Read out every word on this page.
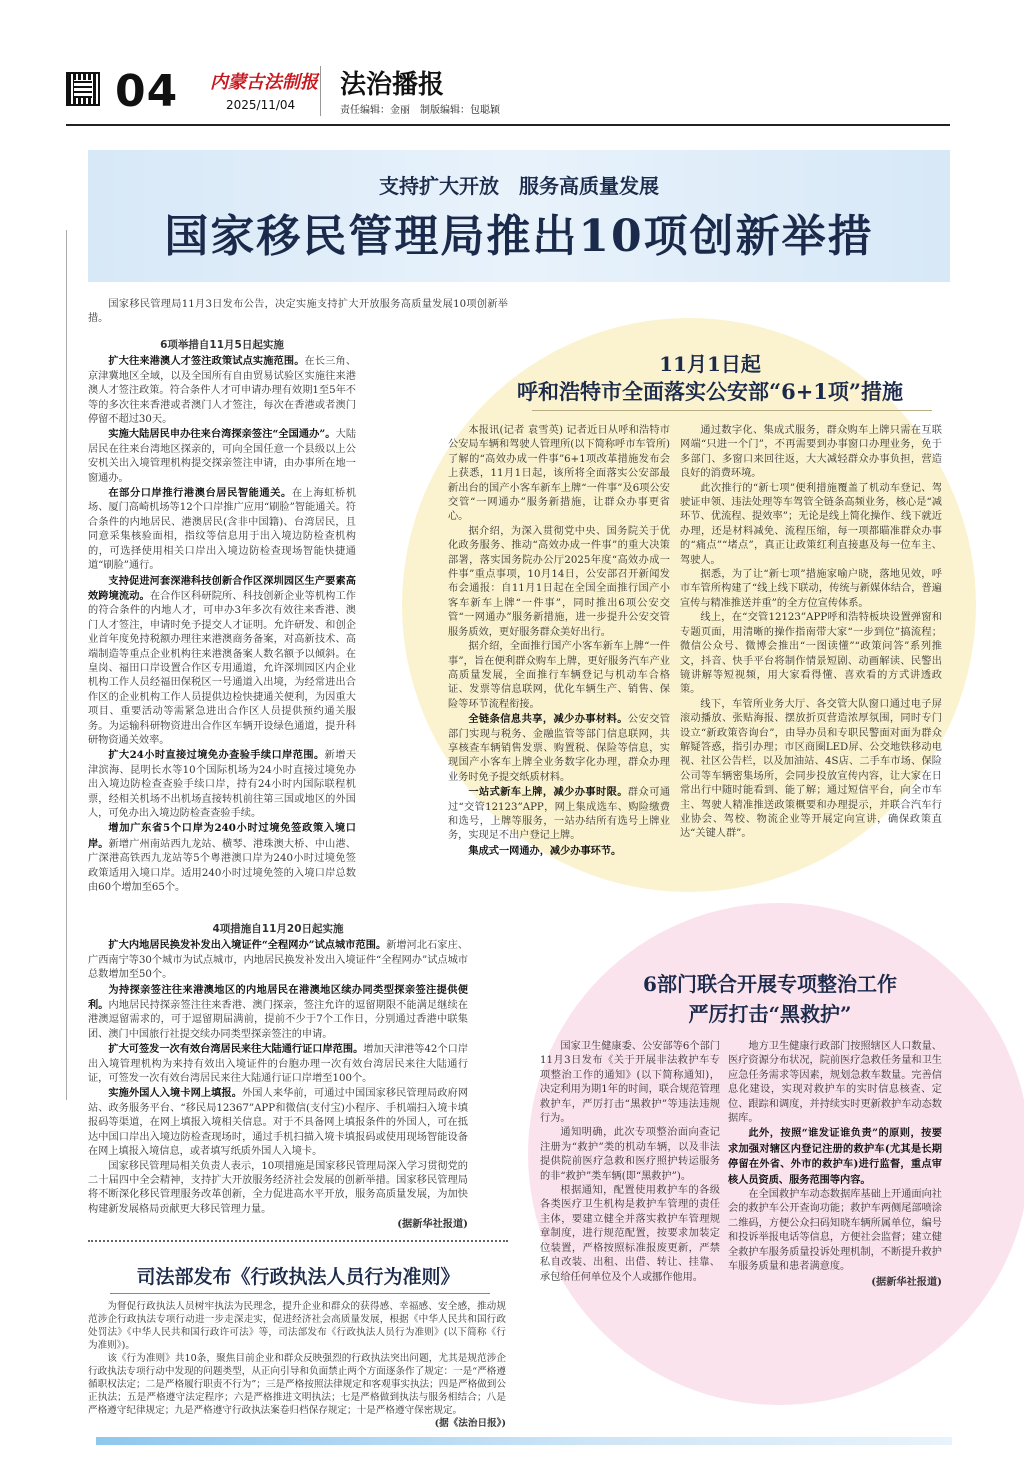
04 内蒙古法制报
2025/11/04
法治播报
责任编辑：金丽　制版编辑：包聪颖
支持扩大开放　服务高质量发展
国家移民管理局推出10项创新举措

国家移民管理局11月3日发布公告，决定实施支持扩大开放服务高质量发展10项创新举措。

6项举措自11月5日起实施

扩大往来港澳人才签注政策试点实施范围。在长三角、京津冀地区全域，以及全国所有自由贸易试验区实施往来港澳人才签注政策。符合条件人才可申请办理有效期1至5年不等的多次往来香港或者澳门人才签注，每次在香港或者澳门停留不超过30天。

实施大陆居民申办往来台湾探亲签注“全国通办”。大陆居民在往来台湾地区探亲的，可向全国任意一个县级以上公安机关出入境管理机构提交探亲签注申请，由办事所在地一窗通办。

在部分口岸推行港澳台居民智能通关。在上海虹桥机场、厦门高崎机场等12个口岸推广应用“刷脸”智能通关。符合条件的内地居民、港澳居民(含非中国籍)、台湾居民，且同意采集核验面相，指纹等信息用于出入境边防检查机构的，可选择使用相关口岸出入境边防检查现场智能快捷通道“刷脸”通行。

支持促进河套深港科技创新合作区深圳园区生产要素高效跨境流动。在合作区科研院所、科技创新企业等机构工作的符合条件的内地人才，可申办3年多次有效往来香港、澳门人才签注，申请时免予提交人才证明。允许研发、和创企业首年度免持税额办理往来港澳商务备案，对高新技术、高端制造等重点企业机构往来港澳备案人数名额予以倾斜。在皇岗、福田口岸设置合作区专用通道，允许深圳园区内企业机构工作人员经福田保税区一号通道入出境，为经常进出合作区的企业机构工作人员提供边检快捷通关便利，为因重大项目、重要活动等需紧急进出合作区人员提供预约通关服务。为运输科研物资进出合作区车辆开设绿色通道，提升科研物资通关效率。

扩大24小时直接过境免办查验手续口岸范围。新增天津滨海、昆明长水等10个国际机场为24小时直接过境免办出入境边防检查查验手续口岸，持有24小时内国际联程机票，经相关机场不出机场直接转机前往第三国或地区的外国人，可免办出入境边防检查查验手续。

增加广东省5个口岸为240小时过境免签政策入境口岸。新增广州南站西九龙站、横琴、港珠澳大桥、中山港、广深港高铁西九龙站等5个粤港澳口岸为240小时过境免签政策适用入境口岸。适用240小时过境免签的入境口岸总数由60个增加至65个。

4项措施自11月20日起实施

扩大内地居民换发补发出入境证件“全程网办”试点城市范围。新增河北石家庄、广西南宁等30个城市为试点城市，内地居民换发补发出入境证件“全程网办”试点城市总数增加至50个。

为持探亲签注往来港澳地区的内地居民在港澳地区续办同类型探亲签注提供便利。内地居民持探亲签注往来香港、澳门探亲，签注允许的逗留期限不能满足继续在港澳逗留需求的，可于逗留期届满前，提前不少于7个工作日，分别通过香港中联集团、澳门中国旅行社提交续办同类型探亲签注的申请。

扩大可签发一次有效台湾居民来往大陆通行证口岸范围。增加天津港等42个口岸出入境管理机构为来持有效出入境证件的台胞办理一次有效台湾居民来往大陆通行证，可签发一次有效台湾居民来往大陆通行证口岸增至100个。

实施外国人入境卡网上填报。外国人来华前，可通过中国国家移民管理局政府网站、政务服务平台、“移民局12367”APP和微信(支付宝)小程序、手机端扫入境卡填报码等渠道，在网上填报入境相关信息。对于不具备网上填报条件的外国人，可在抵达中国口岸出入境边防检查现场时，通过手机扫描入境卡填报码或使用现场智能设备在网上填报入境信息，或者填写纸质外国人入境卡。

国家移民管理局相关负责人表示，10项措施是国家移民管理局深入学习贯彻党的二十届四中全会精神，支持扩大开放服务经济社会发展的创新举措。国家移民管理局将不断深化移民管理服务改革创新，全力促进高水平开放，服务高质量发展，为加快构建新发展格局贡献更大移民管理力量。

(据新华社报道)
11月1日起
呼和浩特市全面落实公安部“6+1项”措施

本报讯(记者 袁雪英) 记者近日从呼和浩特市公安局车辆和驾驶人管理所(以下简称呼市车管所)了解的“高效办成一件事”6+1项改革措施发布会上获悉，11月1日起，该所将全面落实公安部最新出台的国产小客车新车上牌“一件事”及6项公安交管“一网通办”服务新措施，让群众办事更省心。

据介绍，为深入贯彻党中央、国务院关于优化政务服务、推动“高效办成一件事”的重大决策部署，落实国务院办公厅2025年度“高效办成一件事”重点事项，10月14日，公安部召开新闻发布会通报：自11月1日起在全国全面推行国产小客车新车上牌“一件事”，同时推出6项公安交管“一网通办”服务新措施，进一步提升公安交管服务质效，更好服务群众美好出行。

据介绍，全面推行国产小客车新车上牌“一件事”，旨在便利群众购车上牌，更好服务汽车产业高质量发展，全面推行车辆登记与机动车合格证、发票等信息联网，优化车辆生产、销售、保险等环节流程衔接。

全链条信息共享，减少办事材料。公安交管部门实现与税务、金融监管等部门信息联网，共享核查车辆销售发票、购置税、保险等信息，实现国产小客车上牌全业务数字化办理，群众办理业务时免予提交纸质材料。

一站式新车上牌，减少办事时限。群众可通过“交管12123”APP，网上集成选车、购险缴费和选号，上牌等服务，一站办结所有选号上牌业务，实现足不出户登记上牌。

集成式一网通办，减少办事环节。

通过数字化、集成式服务，群众购车上牌只需在互联网端“只进一个门”，不再需要到办事窗口办理业务，免于多部门、多窗口来回往返，大大减轻群众办事负担，营造良好的消费环境。

此次推行的“新七项”便利措施覆盖了机动车登记、驾驶证申领、违法处理等车驾管全链条高频业务，核心是“减环节、优流程、提效率”；无论是线上简化操作、线下就近办理，还是材料减免、流程压缩，每一项都瞄准群众办事的“痛点”“堵点”，真正让政策红利直接惠及每一位车主、驾驶人。

据悉，为了让“新七项”措施家喻户晓，落地见效，呼市车管所构建了“线上线下联动，传统与新媒体结合，普遍宣传与精准推送并重”的全方位宣传体系。

线上，在“交管12123”APP呼和浩特板块设置弹窗和专题页面，用清晰的操作指南带大家“一步到位”搞流程；微信公众号、微博会推出“一图读懂”“政策问答”系列推文，抖音、快手平台将制作情景短剧、动画解读、民警出镜讲解等短视频，用大家看得懂、喜欢看的方式讲透政策。

线下，车管所业务大厅、各交管大队窗口通过电子屏滚动播放、张贴海报、摆放折页营造浓厚氛围，同时专门设立“新政策咨询台”，由导办员和专职民警面对面为群众解疑答惑，指引办理；市区商圈LED屏、公交地铁移动电视、社区公告栏，以及加油站、4S店、二手车市场、保险公司等车辆密集场所，会同步投放宣传内容，让大家在日常出行中随时能看到、能了解；通过短信平台，向全市车主、驾驶人精准推送政策概要和办理提示，并联合汽车行业协会、驾校、物流企业等开展定向宣讲，确保政策直达“关键人群”。

6部门联合开展专项整治工作
严厉打击“黑救护”

国家卫生健康委、公安部等6个部门11月3日发布《关于开展非法救护车专项整治工作的通知》(以下简称通知)，决定利用为期1年的时间，联合规范管理救护车，严厉打击“黑救护”等违法违规行为。

通知明确，此次专项整治面向查记注册为“救护”类的机动车辆，以及非法提供院前医疗急救和医疗照护转运服务的非“救护”类车辆(即“黑救护”)。

根据通知，配置使用救护车的各级各类医疗卫生机构是救护车管理的责任主体，要建立健全并落实救护车管理规章制度，进行规范配置，按要求加装定位装置，严格按照标准报废更新，严禁私自改装、出租、出借、转让、挂靠、承包给任何单位及个人或挪作他用。

地方卫生健康行政部门按照辖区人口数量、医疗资源分布状况，院前医疗急救任务量和卫生应急任务需求等因素，规划急救车数量。完善信息化建设，实现对救护车的实时信息核查、定位、跟踪和调度，并持续实时更新救护车动态数据库。

此外，按照“谁发证谁负责”的原则，按要求加强对辖区内登记注册的救护车(尤其是长期停留在外省、外市的救护车)进行监督，重点审核人员资质、服务范围等内容。

在全国救护车动态数据库基础上开通面向社会的救护车公开查询功能；救护车两侧尾部喷涂二维码，方便公众扫码知晓车辆所属单位，编号和投诉举报电话等信息，方便社会监督；建立健全救护车服务质量投诉处理机制，不断提升救护车服务质量和患者满意度。

(据新华社报道)
司法部发布《行政执法人员行为准则》

为督促行政执法人员树牢执法为民理念，提升企业和群众的获得感、幸福感、安全感，推动规范涉企行政执法专项行动进一步走深走实，促进经济社会高质量发展，根据《中华人民共和国行政处罚法》《中华人民共和国行政许可法》等，司法部发布《行政执法人员行为准则》(以下简称《行为准则》)。

该《行为准则》共10条，聚焦目前企业和群众反映强烈的行政执法突出问题，尤其是规范涉企行政执法专项行动中发现的问题类型，从正向引导和负面禁止两个方面逐条作了规定：一是“严格遵循职权法定；二是严格履行职责不行为”；三是严格按照法律规定和客观事实执法；四是严格做到公正执法；五是严格遵守法定程序；六是严格推进文明执法；七是严格做到执法与服务相结合；八是严格遵守纪律规定；九是严格遵守行政执法案卷归档保存规定；十是严格遵守保密规定。

(据《法治日报》)
